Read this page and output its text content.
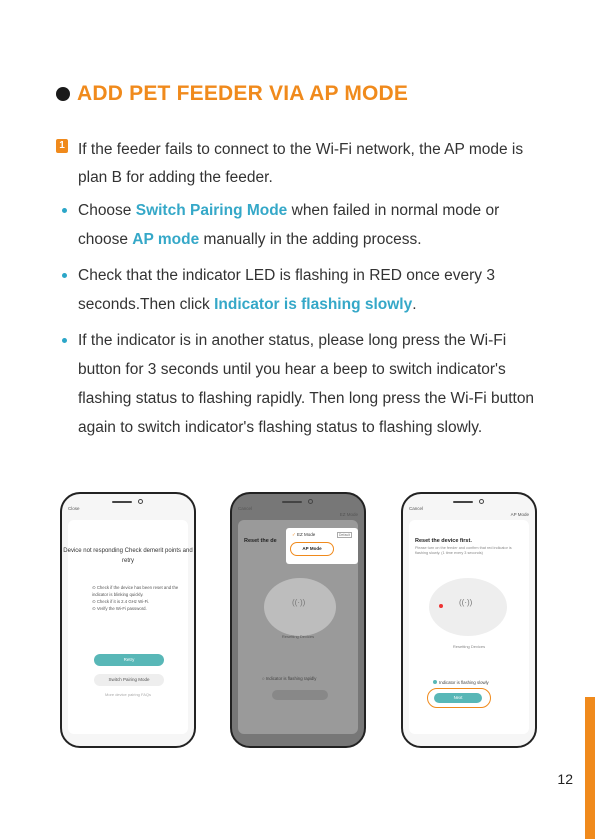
ADD PET FEEDER VIA AP MODE
1 If the feeder fails to connect to the Wi-Fi network, the AP mode is plan B for adding the feeder.

Choose Switch Pairing Mode when failed in normal mode or choose AP mode manually in the adding process.

Check that the indicator LED is flashing in RED once every 3 seconds.Then click Indicator is flashing slowly.

If the indicator is in another status, please long press the Wi-Fi button for 3 seconds until you hear a beep to switch indicator's flashing status to flashing rapidly. Then long press the Wi-Fi button again to switch indicator's flashing status to flashing slowly.

Close
Device not responding Check demerit points and retry
⊙ Check if the device has been reset and the indicator is blinking quickly.
⊙ Check if it is 2.4 GHz Wi-Fi.
⊙ Verify the Wi-Fi password.
Retry
Switch Pairing Mode
More device pairing FAQs
Cancel
EZ Mode
Reset the de
((·))
Resetting Devices
○ Indicator is flashing rapidly
✓ EZ Mode	Default
AP Mode
Cancel
AP Mode
Reset the device first.
Please turn on the feeder and confirm that red indicator is flashing slowly. (1 time every 3 seconds)
((·))
Resetting Devices
Indicator is flashing slowly
Next
12
